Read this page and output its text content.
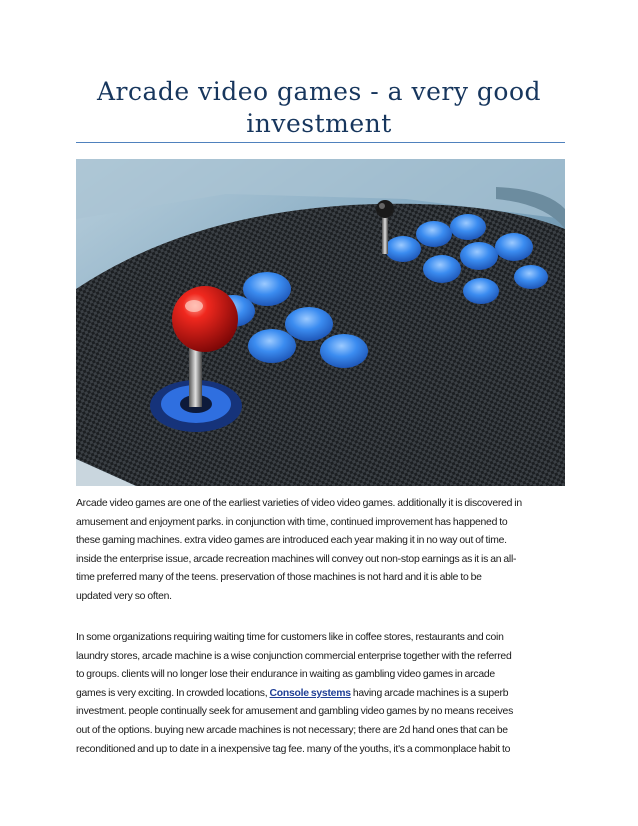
Arcade video games - a very good investment

Arcade video games are one of the earliest varieties of video video games. additionally it is discovered in

amusement and enjoyment parks. in conjunction with time, continued improvement has happened to

these gaming machines. extra video games are introduced each year making it in no way out of time.

inside the enterprise issue, arcade recreation machines will convey out non-stop earnings as it is an all-

time preferred many of the teens. preservation of those machines is not hard and it is able to be

updated very so often.

In some organizations requiring waiting time for customers like in coffee stores, restaurants and coin

laundry stores, arcade machine is a wise conjunction commercial enterprise together with the referred

to groups. clients will no longer lose their endurance in waiting as gambling video games in arcade

games is very exciting. In crowded locations, Console systems having arcade machines is a superb

investment. people continually seek for amusement and gambling video games by no means receives

out of the options. buying new arcade machines is not necessary; there are 2d hand ones that can be

reconditioned and up to date in a inexpensive tag fee. many of the youths, it's a commonplace habit to
